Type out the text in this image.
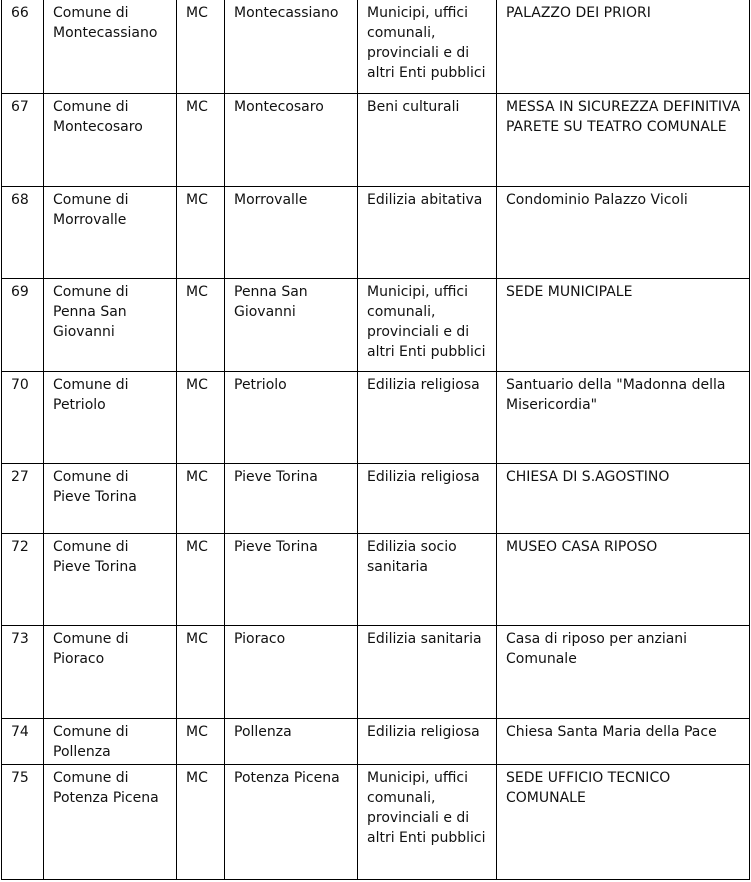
66	Comune di Montecassiano	MC	Montecassiano	Municipi, uffici comunali, provinciali e di altri Enti pubblici	PALAZZO DEI PRIORI
67	Comune di Montecosaro	MC	Montecosaro	Beni culturali	MESSA IN SICUREZZA DEFINITIVA PARETE SU TEATRO COMUNALE
68	Comune di Morrovalle	MC	Morrovalle	Edilizia abitativa	Condominio Palazzo Vicoli
69	Comune di Penna San Giovanni	MC	Penna San Giovanni	Municipi, uffici comunali, provinciali e di altri Enti pubblici	SEDE MUNICIPALE
70	Comune di Petriolo	MC	Petriolo	Edilizia religiosa	Santuario della "Madonna della Misericordia"
27	Comune di Pieve Torina	MC	Pieve Torina	Edilizia religiosa	CHIESA DI S.AGOSTINO
72	Comune di Pieve Torina	MC	Pieve Torina	Edilizia socio sanitaria	MUSEO CASA RIPOSO
73	Comune di Pioraco	MC	Pioraco	Edilizia sanitaria	Casa di riposo per anziani Comunale
74	Comune di Pollenza	MC	Pollenza	Edilizia religiosa	Chiesa Santa Maria della Pace
75	Comune di Potenza Picena	MC	Potenza Picena	Municipi, uffici comunali, provinciali e di altri Enti pubblici	SEDE UFFICIO TECNICO COMUNALE
